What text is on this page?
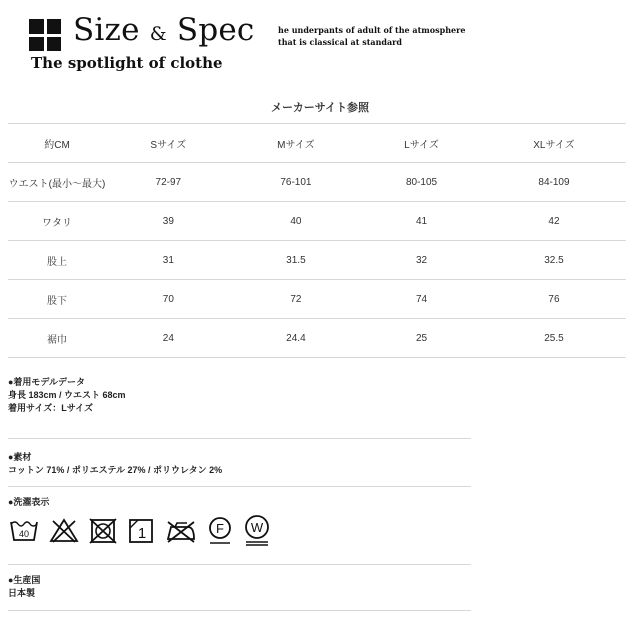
Size & Spec
The spotlight of clothe
he underpants of adult of the atmosphere
that is classical at standard
メーカーサイト参照
約CM	Sサイズ	Mサイズ	Lサイズ	XLサイズ
ウエスト(最小〜最大)	72-97	76-101	80-105	84-109
ワタリ	39	40	41	42
股上	31	31.5	32	32.5
股下	70	72	74	76
裾巾	24	24.4	25	25.5
●着用モデルデータ
身長 183cm / ウエスト 68cm
着用サイズ：Lサイズ
●素材
コットン 71% / ポリエステル 27% / ポリウレタン 2%
●洗濯表示
40	1	F W
●生産国
日本製
